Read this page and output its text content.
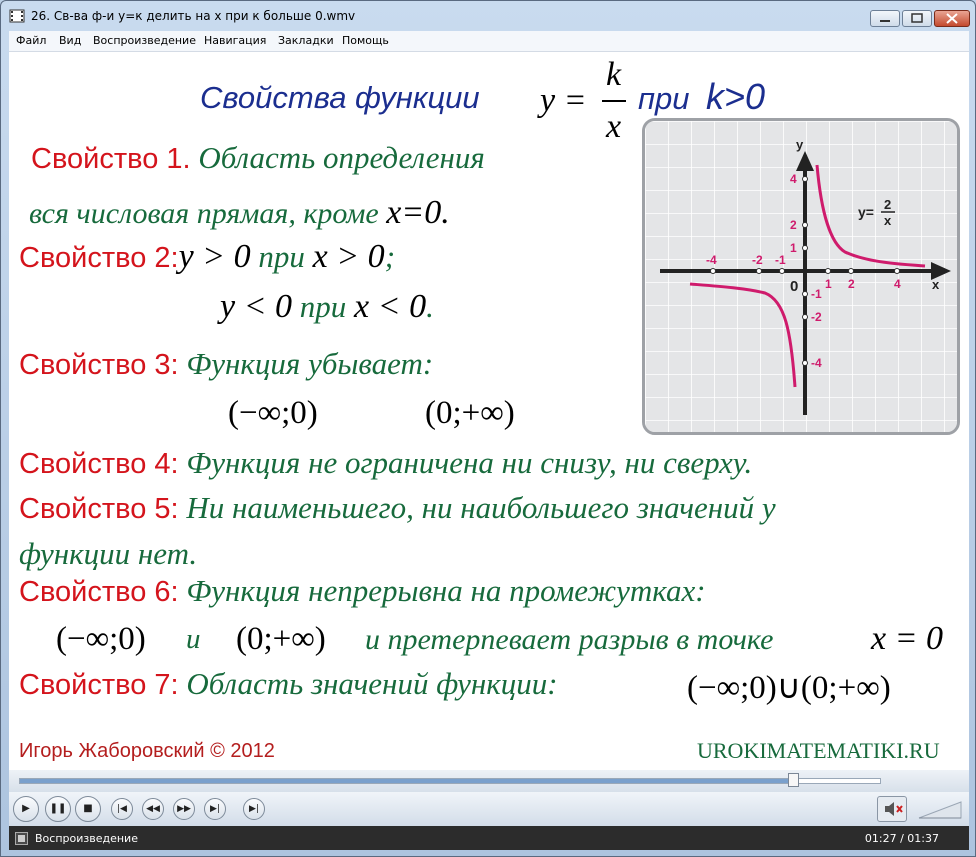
26. Св-ва ф-и у=к делить на х при к больше 0.wmv
Файл Вид Воспроизведение Навигация Закладки Помощь
Свойства функции y =
k
x
при k>0
Свойство 1. Область определения
вся числовая прямая, кроме x=0.
Свойство 2:y > 0 при x > 0;
y < 0 при x < 0.
Свойство 3: Функция убывает:
(−∞;0)	(0;+∞)
Свойство 4: Функция не ограничена ни снизу, ни сверху.
Свойство 5: Ни наименьшего, ни наибольшего значений у
функции нет.
Свойство 6: Функция непрерывна на промежутках:
(−∞;0) и (0;+∞) и претерпевает разрыв в точке	x = 0
Свойство 7: Область значений функции:	(−∞;0)∪(0;+∞)
Игорь Жаборовский © 2012	UROKIMATEMATIKI.RU
y
x
0
y= 2
x
-4	-2 -1
1 2	4
4
2
1
-1
-2
-4
▶	❚❚	■	|◀	◀◀	▶▶	▶|	▶|
Воспроизведение	01:27 / 01:37
